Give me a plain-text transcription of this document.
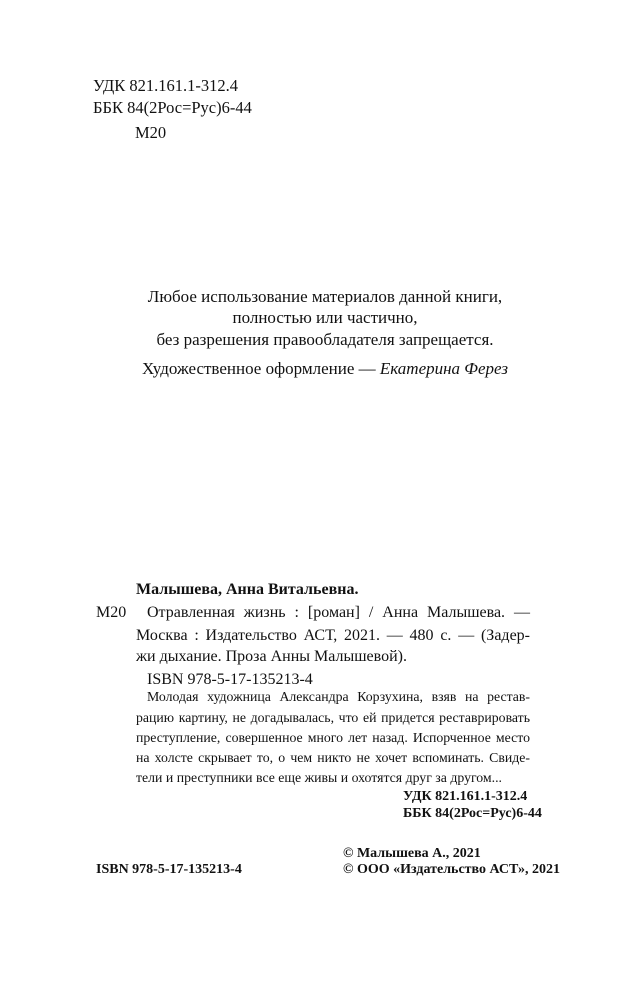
УДК 821.161.1-312.4
ББК 84(2Рос=Рус)6-44
М20
Любое использование материалов данной книги,
полностью или частично,
без разрешения правообладателя запрещается.
Художественное оформление — Екатерина Ферез
Малышева, Анна Витальевна.
М20 Отравленная жизнь : [роман] / Анна Малышева. —
Москва : Издательство АСТ, 2021. — 480 с. — (Задер-
жи дыхание. Проза Анны Малышевой).
ISBN 978-5-17-135213-4
Молодая художница Александра Корзухина, взяв на рестав-
рацию картину, не догадывалась, что ей придется реставрировать
преступление, совершенное много лет назад. Испорченное место
на холсте скрывает то, о чем никто не хочет вспоминать. Свиде-
тели и преступники все еще живы и охотятся друг за другом...
УДК 821.161.1-312.4
ББК 84(2Рос=Рус)6-44
© Малышева А., 2021
ISBN 978-5-17-135213-4	© ООО «Издательство АСТ», 2021
